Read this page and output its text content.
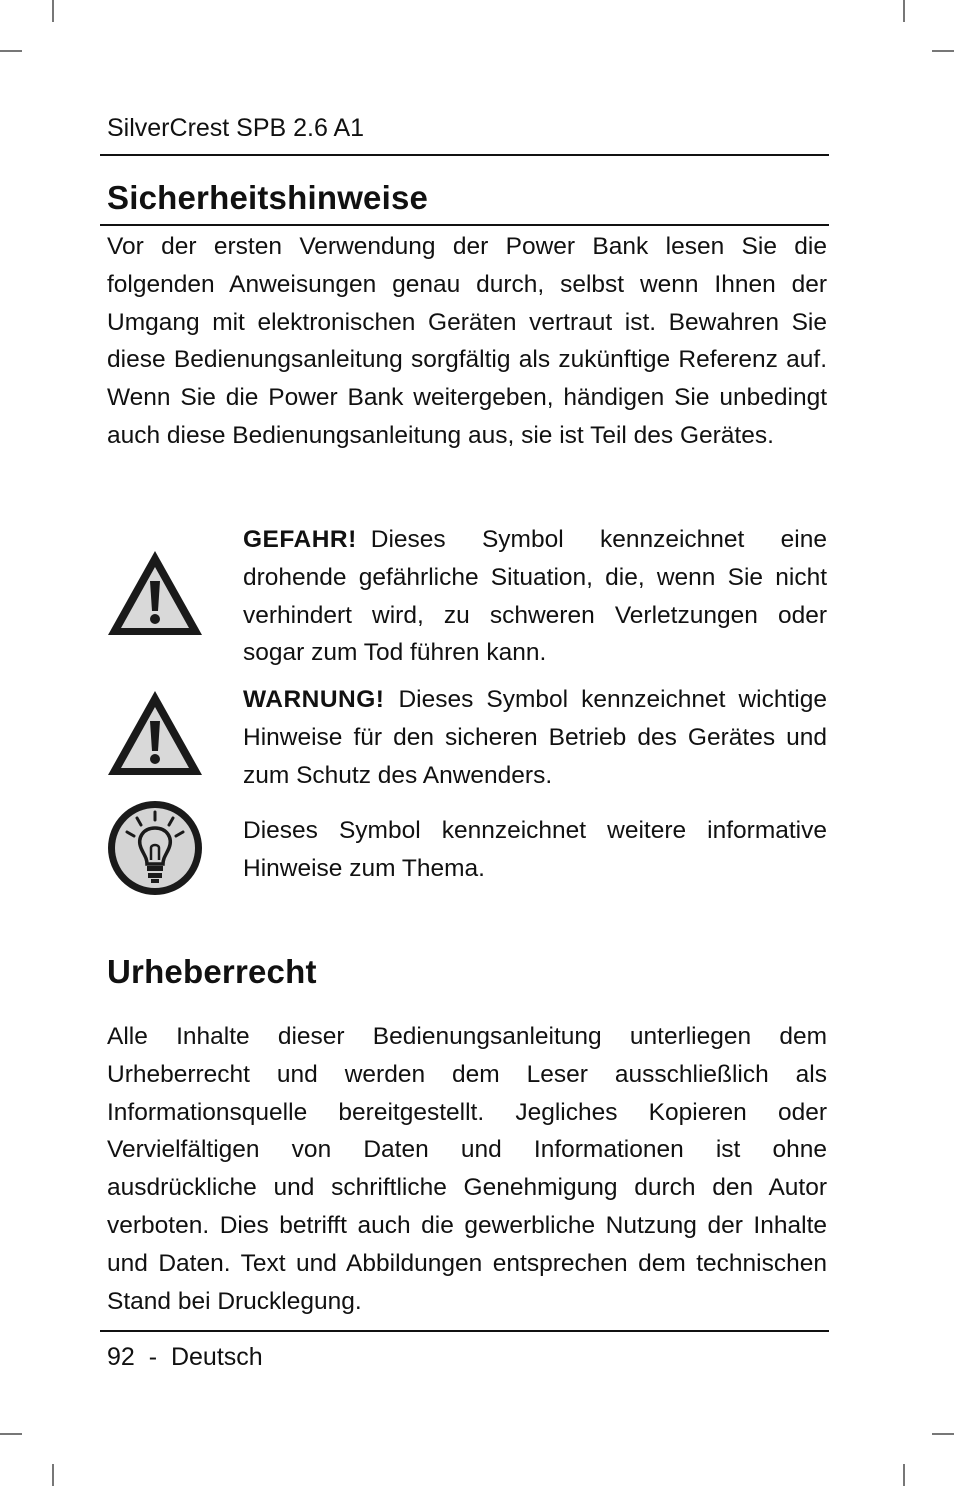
SilverCrest SPB 2.6 A1
Sicherheitshinweise

Vor der ersten Verwendung der Power Bank lesen Sie die folgenden Anweisungen genau durch, selbst wenn Ihnen der Umgang mit elektronischen Geräten vertraut ist. Bewahren Sie diese Bedienungsanleitung sorgfältig als zukünftige Referenz auf. Wenn Sie die Power Bank weitergeben, händigen Sie unbedingt auch diese Bedienungsanleitung aus, sie ist Teil des Gerätes.

GEFAHR! Dieses Symbol kennzeichnet eine drohende gefährliche Situation, die, wenn Sie nicht verhindert wird, zu schweren Verletzungen oder sogar zum Tod führen kann.

WARNUNG! Dieses Symbol kennzeichnet wichtige Hinweise für den sicheren Betrieb des Gerätes und zum Schutz des Anwenders.

Dieses Symbol kennzeichnet weitere informative Hinweise zum Thema.

Urheberrecht

Alle Inhalte dieser Bedienungsanleitung unterliegen dem Urheberrecht und werden dem Leser ausschließlich als Informationsquelle bereitgestellt. Jegliches Kopieren oder Vervielfältigen von Daten und Informationen ist ohne ausdrückliche und schriftliche Genehmigung durch den Autor verboten. Dies betrifft auch die gewerbliche Nutzung der Inhalte und Daten. Text und Abbildungen entsprechen dem technischen Stand bei Drucklegung.

92 - Deutsch
